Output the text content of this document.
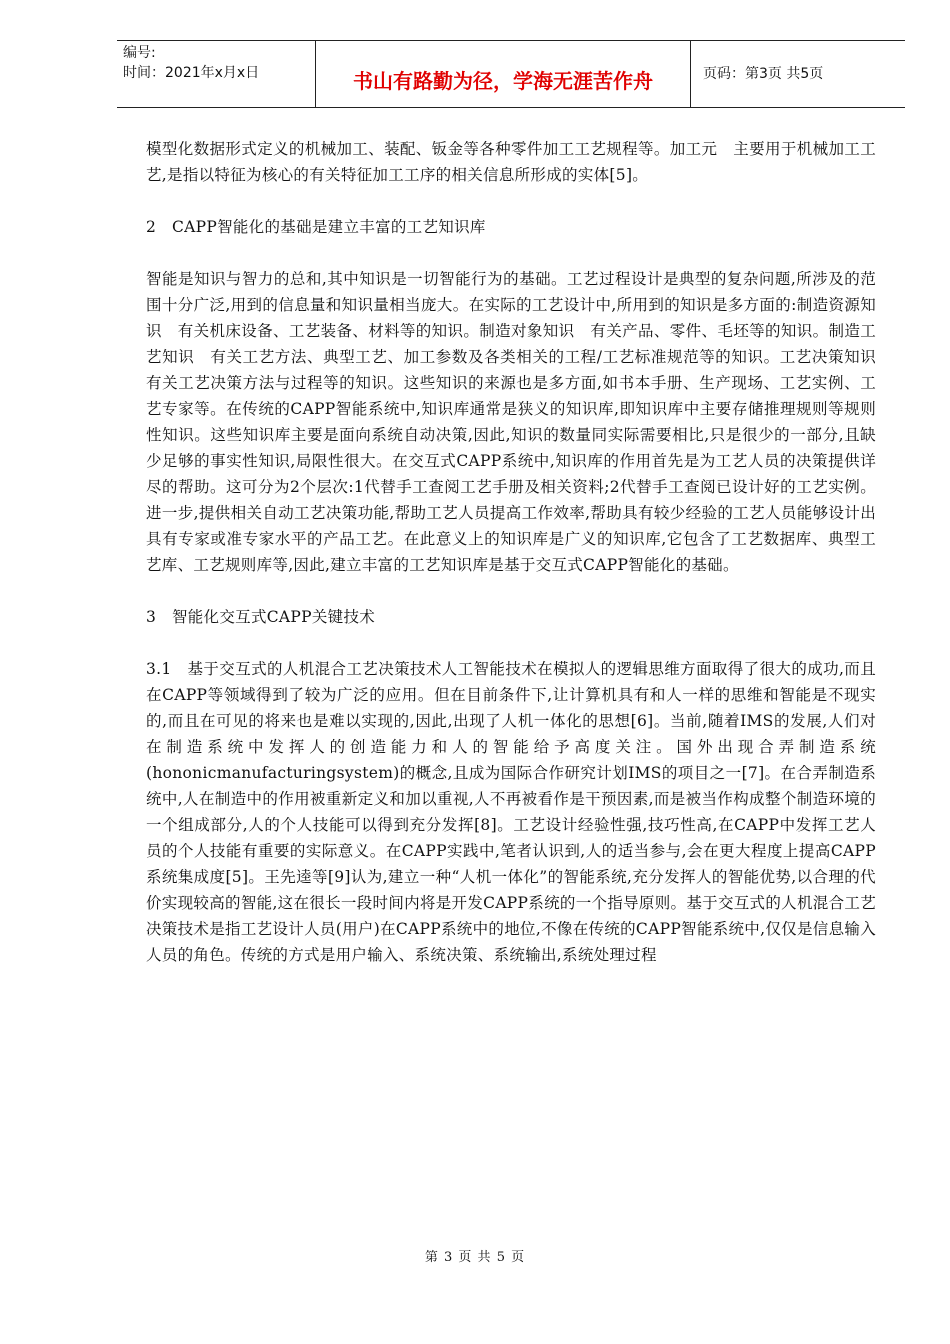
编号:
时间：2021年x月x日	书山有路勤为径，学海无涯苦作舟	页码：第3页 共5页

模型化数据形式定义的机械加工、装配、钣金等各种零件加工工艺规程等。加工元　主要用于机械加工工艺,是指以特征为核心的有关特征加工工序的相关信息所形成的实体[5]。

2　CAPP智能化的基础是建立丰富的工艺知识库

智能是知识与智力的总和,其中知识是一切智能行为的基础。工艺过程设计是典型的复杂问题,所涉及的范围十分广泛,用到的信息量和知识量相当庞大。在实际的工艺设计中,所用到的知识是多方面的:制造资源知识　有关机床设备、工艺装备、材料等的知识。制造对象知识　有关产品、零件、毛坯等的知识。制造工艺知识　有关工艺方法、典型工艺、加工参数及各类相关的工程/工艺标准规范等的知识。工艺决策知识　有关工艺决策方法与过程等的知识。这些知识的来源也是多方面,如书本手册、生产现场、工艺实例、工艺专家等。在传统的CAPP智能系统中,知识库通常是狭义的知识库,即知识库中主要存储推理规则等规则性知识。这些知识库主要是面向系统自动决策,因此,知识的数量同实际需要相比,只是很少的一部分,且缺少足够的事实性知识,局限性很大。在交互式CAPP系统中,知识库的作用首先是为工艺人员的决策提供详尽的帮助。这可分为2个层次:1代替手工查阅工艺手册及相关资料;2代替手工查阅已设计好的工艺实例。进一步,提供相关自动工艺决策功能,帮助工艺人员提高工作效率,帮助具有较少经验的工艺人员能够设计出具有专家或准专家水平的产品工艺。在此意义上的知识库是广义的知识库,它包含了工艺数据库、典型工艺库、工艺规则库等,因此,建立丰富的工艺知识库是基于交互式CAPP智能化的基础。

3　智能化交互式CAPP关键技术

3.1　基于交互式的人机混合工艺决策技术人工智能技术在模拟人的逻辑思维方面取得了很大的成功,而且在CAPP等领域得到了较为广泛的应用。但在目前条件下,让计算机具有和人一样的思维和智能是不现实的,而且在可见的将来也是难以实现的,因此,出现了人机一体化的思想[6]。当前,随着IMS的发展,人们对在制造系统中发挥人的创造能力和人的智能给予高度关注。国外出现合弄制造系统(hononicmanufacturingsystem)的概念,且成为国际合作研究计划IMS的项目之一[7]。在合弄制造系统中,人在制造中的作用被重新定义和加以重视,人不再被看作是干预因素,而是被当作构成整个制造环境的一个组成部分,人的个人技能可以得到充分发挥[8]。工艺设计经验性强,技巧性高,在CAPP中发挥工艺人员的个人技能有重要的实际意义。在CAPP实践中,笔者认识到,人的适当参与,会在更大程度上提高CAPP系统集成度[5]。王先逵等[9]认为,建立一种“人机一体化”的智能系统,充分发挥人的智能优势,以合理的代价实现较高的智能,这在很长一段时间内将是开发CAPP系统的一个指导原则。基于交互式的人机混合工艺决策技术是指工艺设计人员(用户)在CAPP系统中的地位,不像在传统的CAPP智能系统中,仅仅是信息输入人员的角色。传统的方式是用户输入、系统决策、系统输出,系统处理过程

第 3 页 共 5 页
